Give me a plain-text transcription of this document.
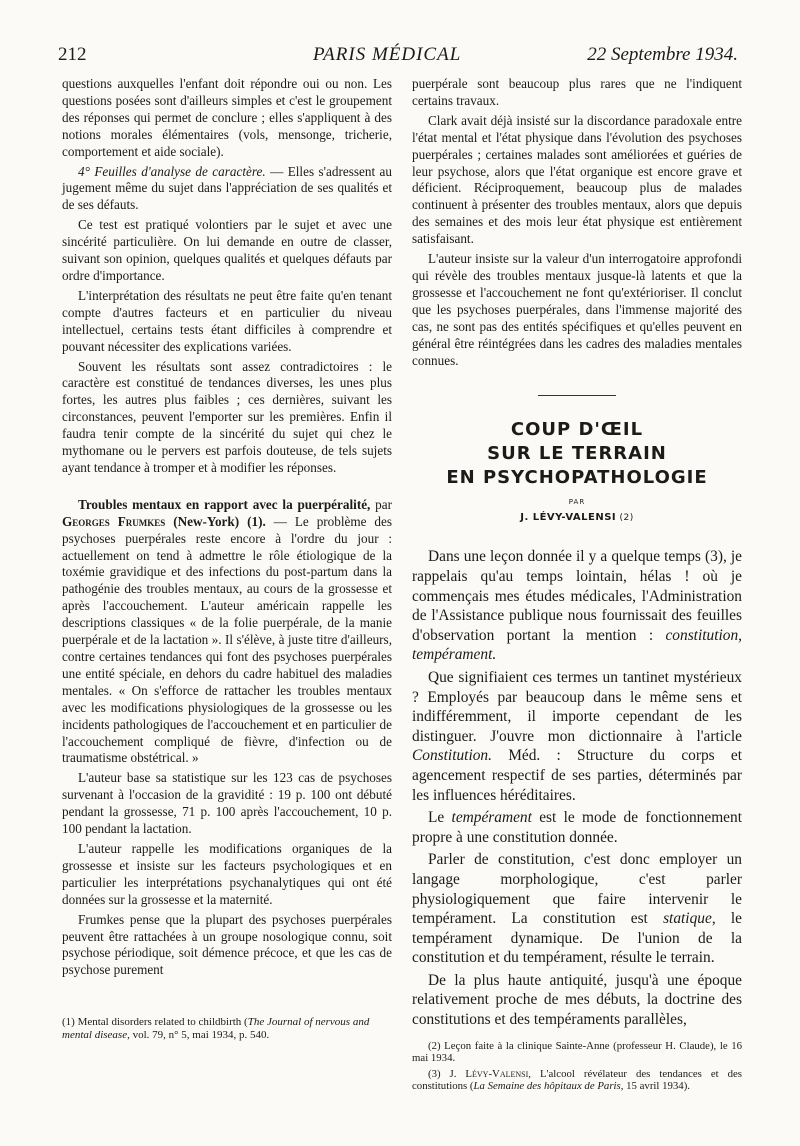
212	PARIS MÉDICAL	22 Septembre 1934.

questions auxquelles l'enfant doit répondre oui ou non. Les questions posées sont d'ailleurs simples et c'est le groupement des réponses qui permet de conclure ; elles s'appliquent à des notions morales élémentaires (vols, mensonge, tricherie, comportement et aide sociale).

4° Feuilles d'analyse de caractère. — Elles s'adressent au jugement même du sujet dans l'appréciation de ses qualités et de ses défauts.

Ce test est pratiqué volontiers par le sujet et avec une sincérité particulière. On lui demande en outre de classer, suivant son opinion, quelques qualités et quelques défauts par ordre d'importance.

L'interprétation des résultats ne peut être faite qu'en tenant compte d'autres facteurs et en particulier du niveau intellectuel, certains tests étant difficiles à comprendre et pouvant nécessiter des explications variées.

Souvent les résultats sont assez contradictoires : le caractère est constitué de tendances diverses, les unes plus fortes, les autres plus faibles ; ces dernières, suivant les circonstances, peuvent l'emporter sur les premières. Enfin il faudra tenir compte de la sincérité du sujet qui chez le mythomane ou le pervers est parfois douteuse, de tels sujets ayant tendance à tromper et à modifier les réponses.

Troubles mentaux en rapport avec la puerpéralité, par Georges Frumkes (New-York) (1). — Le problème des psychoses puerpérales reste encore à l'ordre du jour : actuellement on tend à admettre le rôle étiologique de la toxémie gravidique et des infections du post-partum dans la pathogénie des troubles mentaux, au cours de la grossesse et après l'accouchement. L'auteur américain rappelle les descriptions classiques « de la folie puerpérale, de la manie puerpérale et de la lactation ». Il s'élève, à juste titre d'ailleurs, contre certaines tendances qui font des psychoses puerpérales une entité spéciale, en dehors du cadre habituel des maladies mentales. « On s'efforce de rattacher les troubles mentaux avec les modifications physiologiques de la grossesse ou les incidents pathologiques de l'accouchement et en particulier de l'accouchement compliqué de fièvre, d'infection ou de traumatisme obstétrical. »

L'auteur base sa statistique sur les 123 cas de psychoses survenant à l'occasion de la gravidité : 19 p. 100 ont débuté pendant la grossesse, 71 p. 100 après l'accouchement, 10 p. 100 pendant la lactation.

L'auteur rappelle les modifications organiques de la grossesse et insiste sur les facteurs psychologiques et en particulier les interprétations psychanalytiques qui ont été données sur la grossesse et la maternité.

Frumkes pense que la plupart des psychoses puerpérales peuvent être rattachées à un groupe nosologique connu, soit psychose périodique, soit démence précoce, et que les cas de psychose purement

(1) Mental disorders related to childbirth (The Journal of nervous and mental disease, vol. 79, n° 5, mai 1934, p. 540.

puerpérale sont beaucoup plus rares que ne l'indiquent certains travaux.

Clark avait déjà insisté sur la discordance paradoxale entre l'état mental et l'état physique dans l'évolution des psychoses puerpérales ; certaines malades sont améliorées et guéries de leur psychose, alors que l'état organique est encore grave et déficient. Réciproquement, beaucoup plus de malades continuent à présenter des troubles mentaux, alors que depuis des semaines et des mois leur état physique est entièrement satisfaisant.

L'auteur insiste sur la valeur d'un interrogatoire approfondi qui révèle des troubles mentaux jusque-là latents et que la grossesse et l'accouchement ne font qu'extérioriser. Il conclut que les psychoses puerpérales, dans l'immense majorité des cas, ne sont pas des entités spécifiques et qu'elles peuvent en général être réintégrées dans les cadres des maladies mentales connues.

COUP D'ŒIL
SUR LE TERRAIN
EN PSYCHOPATHOLOGIE
PAR
J. LÉVY-VALENSI (2)

Dans une leçon donnée il y a quelque temps (3), je rappelais qu'au temps lointain, hélas ! où je commençais mes études médicales, l'Administration de l'Assistance publique nous fournissait des feuilles d'observation portant la mention : constitution, tempérament.

Que signifiaient ces termes un tantinet mystérieux ? Employés par beaucoup dans le même sens et indifféremment, il importe cependant de les distinguer. J'ouvre mon dictionnaire à l'article Constitution. Méd. : Structure du corps et agencement respectif de ses parties, déterminés par les influences héréditaires.

Le tempérament est le mode de fonctionnement propre à une constitution donnée.

Parler de constitution, c'est donc employer un langage morphologique, c'est parler physiologiquement que faire intervenir le tempérament. La constitution est statique, le tempérament dynamique. De l'union de la constitution et du tempérament, résulte le terrain.

De la plus haute antiquité, jusqu'à une époque relativement proche de mes débuts, la doctrine des constitutions et des tempéraments parallèles,

(2) Leçon faite à la clinique Sainte-Anne (professeur H. Claude), le 16 mai 1934.

(3) J. Lévy-Valensi, L'alcool révélateur des tendances et des constitutions (La Semaine des hôpitaux de Paris, 15 avril 1934).
